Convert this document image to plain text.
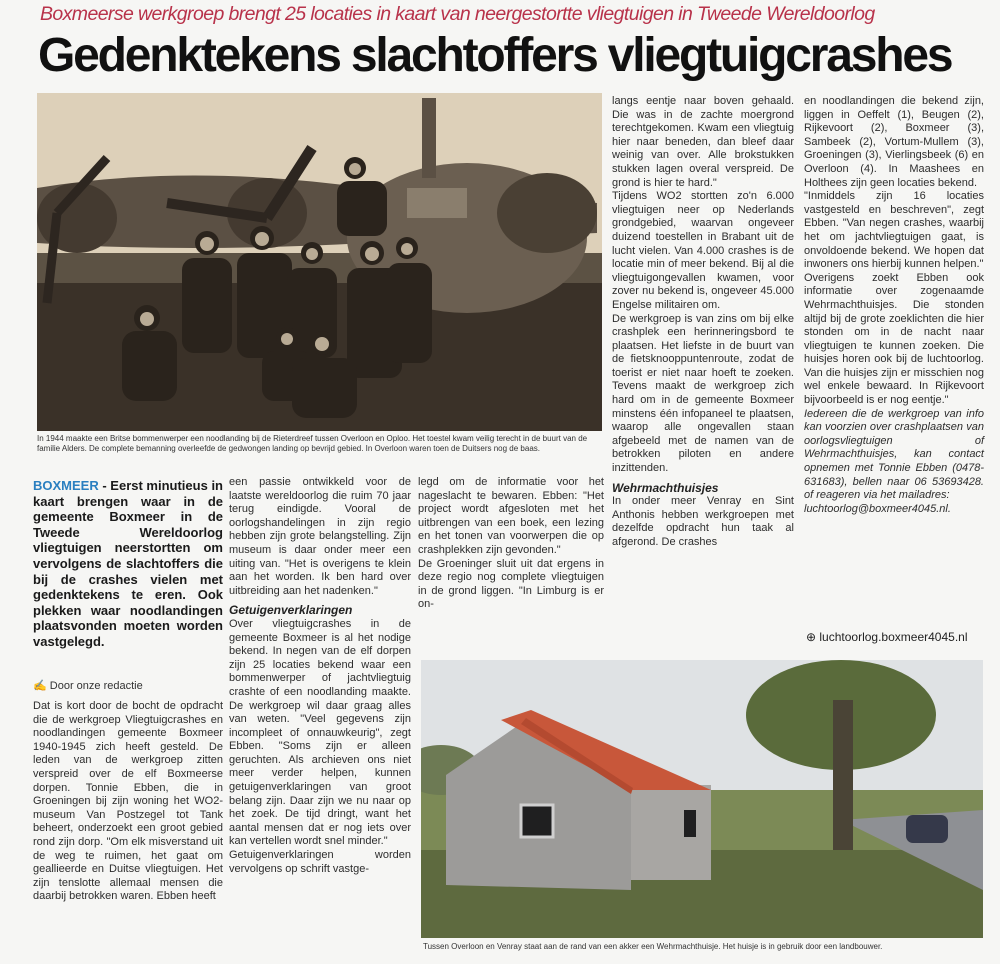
Boxmeerse werkgroep brengt 25 locaties in kaart van neergestortte vliegtuigen in Tweede Wereldoorlog
Gedenktekens slachtoffers vliegtuigcrashes
In 1944 maakte een Britse bommenwerper een noodlanding bij de Rieterdreef tussen Overloon en Oploo. Het toestel kwam veilig terecht in de buurt van de familie Alders. De complete bemanning overleefde de gedwongen landing op bevrijd gebied. In Overloon waren toen de Duitsers nog de baas.
BOXMEER - Eerst minutieus in kaart brengen waar in de gemeente Boxmeer in de Tweede Wereldoorlog vliegtuigen neerstortten om vervolgens de slachtoffers die bij de crashes vielen met gedenktekens te eren. Ook plekken waar noodlandingen plaatsvonden moeten worden vastgelegd.
✍ Door onze redactie

Dat is kort door de bocht de opdracht die de werkgroep Vliegtuigcrashes en noodlandingen gemeente Boxmeer 1940-1945 zich heeft gesteld. De leden van de werkgroep zitten verspreid over de elf Boxmeerse dorpen. Tonnie Ebben, die in Groeningen bij zijn woning het WO2-museum Van Postzegel tot Tank beheert, onderzoekt een groot gebied rond zijn dorp. "Om elk misverstand uit de weg te ruimen, het gaat om geallieerde en Duitse vliegtuigen. Het zijn tenslotte allemaal mensen die daarbij betrokken waren. Ebben heeft

een passie ontwikkeld voor de laatste wereldoorlog die ruim 70 jaar terug eindigde. Vooral de oorlogshandelingen in zijn regio hebben zijn grote belangstelling. Zijn museum is daar onder meer een uiting van. "Het is overigens te klein aan het worden. Ik ben hard over uitbreiding aan het nadenken."

Getuigenverklaringen

Over vliegtuigcrashes in de gemeente Boxmeer is al het nodige bekend. In negen van de elf dorpen zijn 25 locaties bekend waar een bommenwerper of jachtvliegtuig crashte of een noodlanding maakte. De werkgroep wil daar graag alles van weten. "Veel gegevens zijn incompleet of onnauwkeurig", zegt Ebben. "Soms zijn er alleen geruchten. Als archieven ons niet meer verder helpen, kunnen getuigenverklaringen van groot belang zijn. Daar zijn we nu naar op het zoek. De tijd dringt, want het aantal mensen dat er nog iets over kan vertellen wordt snel minder."

Getuigenverklaringen worden vervolgens op schrift vastge-

legd om de informatie voor het nageslacht te bewaren. Ebben: "Het project wordt afgesloten met het uitbrengen van een boek, een lezing en het tonen van voorwerpen die op crashplekken zijn gevonden."

De Groeninger sluit uit dat ergens in deze regio nog complete vliegtuigen in de grond liggen. "In Limburg is er on-

langs eentje naar boven gehaald. Die was in de zachte moergrond terechtgekomen. Kwam een vliegtuig hier naar beneden, dan bleef daar weinig van over. Alle brokstukken stukken lagen overal verspreid. De grond is hier te hard."

Tijdens WO2 stortten zo'n 6.000 vliegtuigen neer op Nederlands grondgebied, waarvan ongeveer duizend toestellen in Brabant uit de lucht vielen. Van 4.000 crashes is de locatie min of meer bekend. Bij al die vliegtuigongevallen kwamen, voor zover nu bekend is, ongeveer 45.000 Engelse militairen om.

De werkgroep is van zins om bij elke crashplek een herinneringsbord te plaatsen. Het liefste in de buurt van de fietsknooppuntenroute, zodat de toerist er niet naar hoeft te zoeken. Tevens maakt de werkgroep zich hard om in de gemeente Boxmeer minstens één infopaneel te plaatsen, waarop alle ongevallen staan afgebeeld met de namen van de betrokken piloten en andere inzittenden.

Wehrmachthuisjes

In onder meer Venray en Sint Anthonis hebben werkgroepen met dezelfde opdracht hun taak al afgerond. De crashes

en noodlandingen die bekend zijn, liggen in Oeffelt (1), Beugen (2), Rijkevoort (2), Boxmeer (3), Sambeek (2), Vortum-Mullem (3), Groeningen (3), Vierlingsbeek (6) en Overloon (4). In Maashees en Holthees zijn geen locaties bekend.

"Inmiddels zijn 16 locaties vastgesteld en beschreven", zegt Ebben. "Van negen crashes, waarbij het om jachtvliegtuigen gaat, is onvoldoende bekend. We hopen dat inwoners ons hierbij kunnen helpen."

Overigens zoekt Ebben ook informatie over zogenaamde Wehrmachthuisjes. Die stonden altijd bij de grote zoeklichten die hier stonden om in de nacht naar vliegtuigen te kunnen zoeken. Die huisjes horen ook bij de luchtoorlog. Van die huisjes zijn er misschien nog wel enkele bewaard. In Rijkevoort bijvoorbeeld is er nog eentje."

Iedereen die de werkgroep van info kan voorzien over crashplaatsen van oorlogsvliegtuigen of Wehrmachthuisjes, kan contact opnemen met Tonnie Ebben (0478-631683), bellen naar 06 53693428. of reageren via het mailadres:

luchtoorlog@boxmeer4045.nl.

⊕ luchtoorlog.boxmeer4045.nl
Tussen Overloon en Venray staat aan de rand van een akker een Wehrmachthuisje. Het huisje is in gebruik door een landbouwer.
